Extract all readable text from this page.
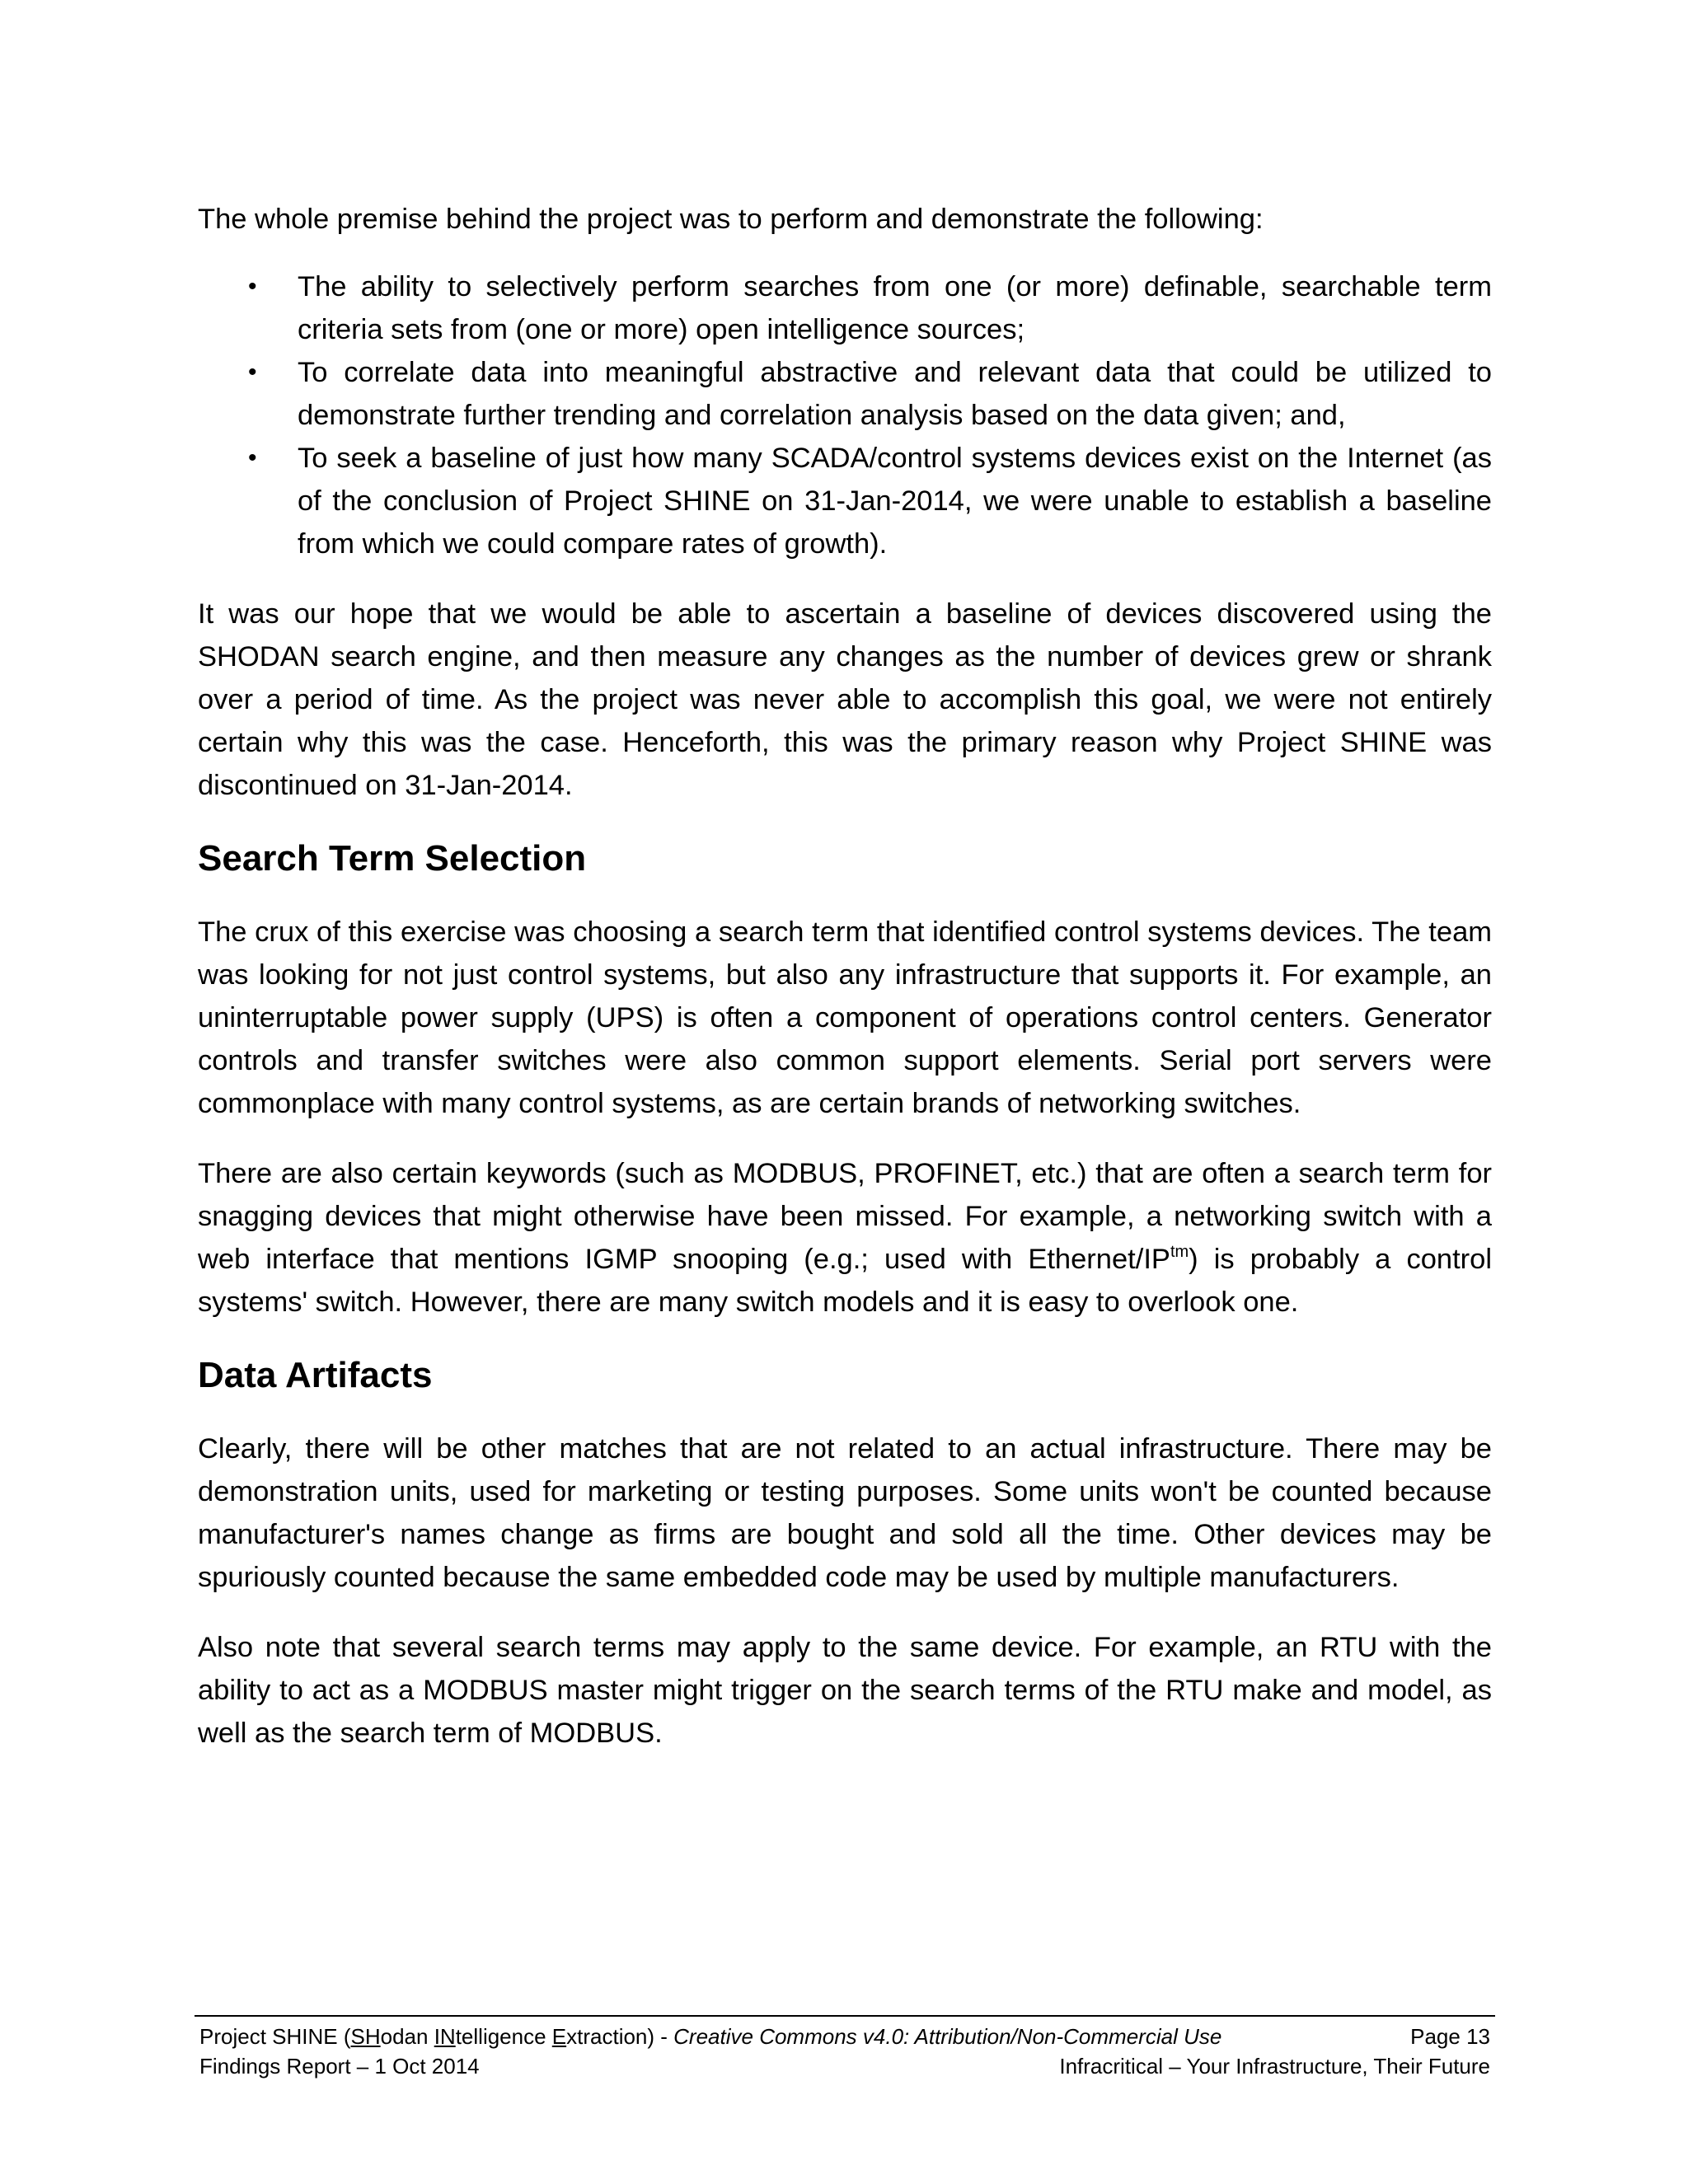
The whole premise behind the project was to perform and demonstrate the following:

• The ability to selectively perform searches from one (or more) definable, searchable term criteria sets from (one or more) open intelligence sources;
• To correlate data into meaningful abstractive and relevant data that could be utilized to demonstrate further trending and correlation analysis based on the data given; and,
• To seek a baseline of just how many SCADA/control systems devices exist on the Internet (as of the conclusion of Project SHINE on 31-Jan-2014, we were unable to establish a baseline from which we could compare rates of growth).

It was our hope that we would be able to ascertain a baseline of devices discovered using the SHODAN search engine, and then measure any changes as the number of devices grew or shrank over a period of time. As the project was never able to accomplish this goal, we were not entirely certain why this was the case. Henceforth, this was the primary reason why Project SHINE was discontinued on 31-Jan-2014.

Search Term Selection

The crux of this exercise was choosing a search term that identified control systems devices. The team was looking for not just control systems, but also any infrastructure that supports it. For example, an uninterruptable power supply (UPS) is often a component of operations control centers. Generator controls and transfer switches were also common support elements. Serial port servers were commonplace with many control systems, as are certain brands of networking switches.

There are also certain keywords (such as MODBUS, PROFINET, etc.) that are often a search term for snagging devices that might otherwise have been missed. For example, a networking switch with a web interface that mentions IGMP snooping (e.g.; used with Ethernet/$IP^{tm}$) is probably a control systems' switch. However, there are many switch models and it is easy to overlook one.

Data Artifacts

Clearly, there will be other matches that are not related to an actual infrastructure. There may be demonstration units, used for marketing or testing purposes. Some units won't be counted because manufacturer's names change as firms are bought and sold all the time. Other devices may be spuriously counted because the same embedded code may be used by multiple manufacturers.

Also note that several search terms may apply to the same device. For example, an RTU with the ability to act as a MODBUS master might trigger on the search terms of the RTU make and model, as well as the search term of MODBUS.

Project SHINE (SHodan INtelligence Extraction) - Creative Commons v4.0: Attribution/Non-Commercial Use	Page 13
Findings Report – 1 Oct 2014	Infracritical – Your Infrastructure, Their Future
